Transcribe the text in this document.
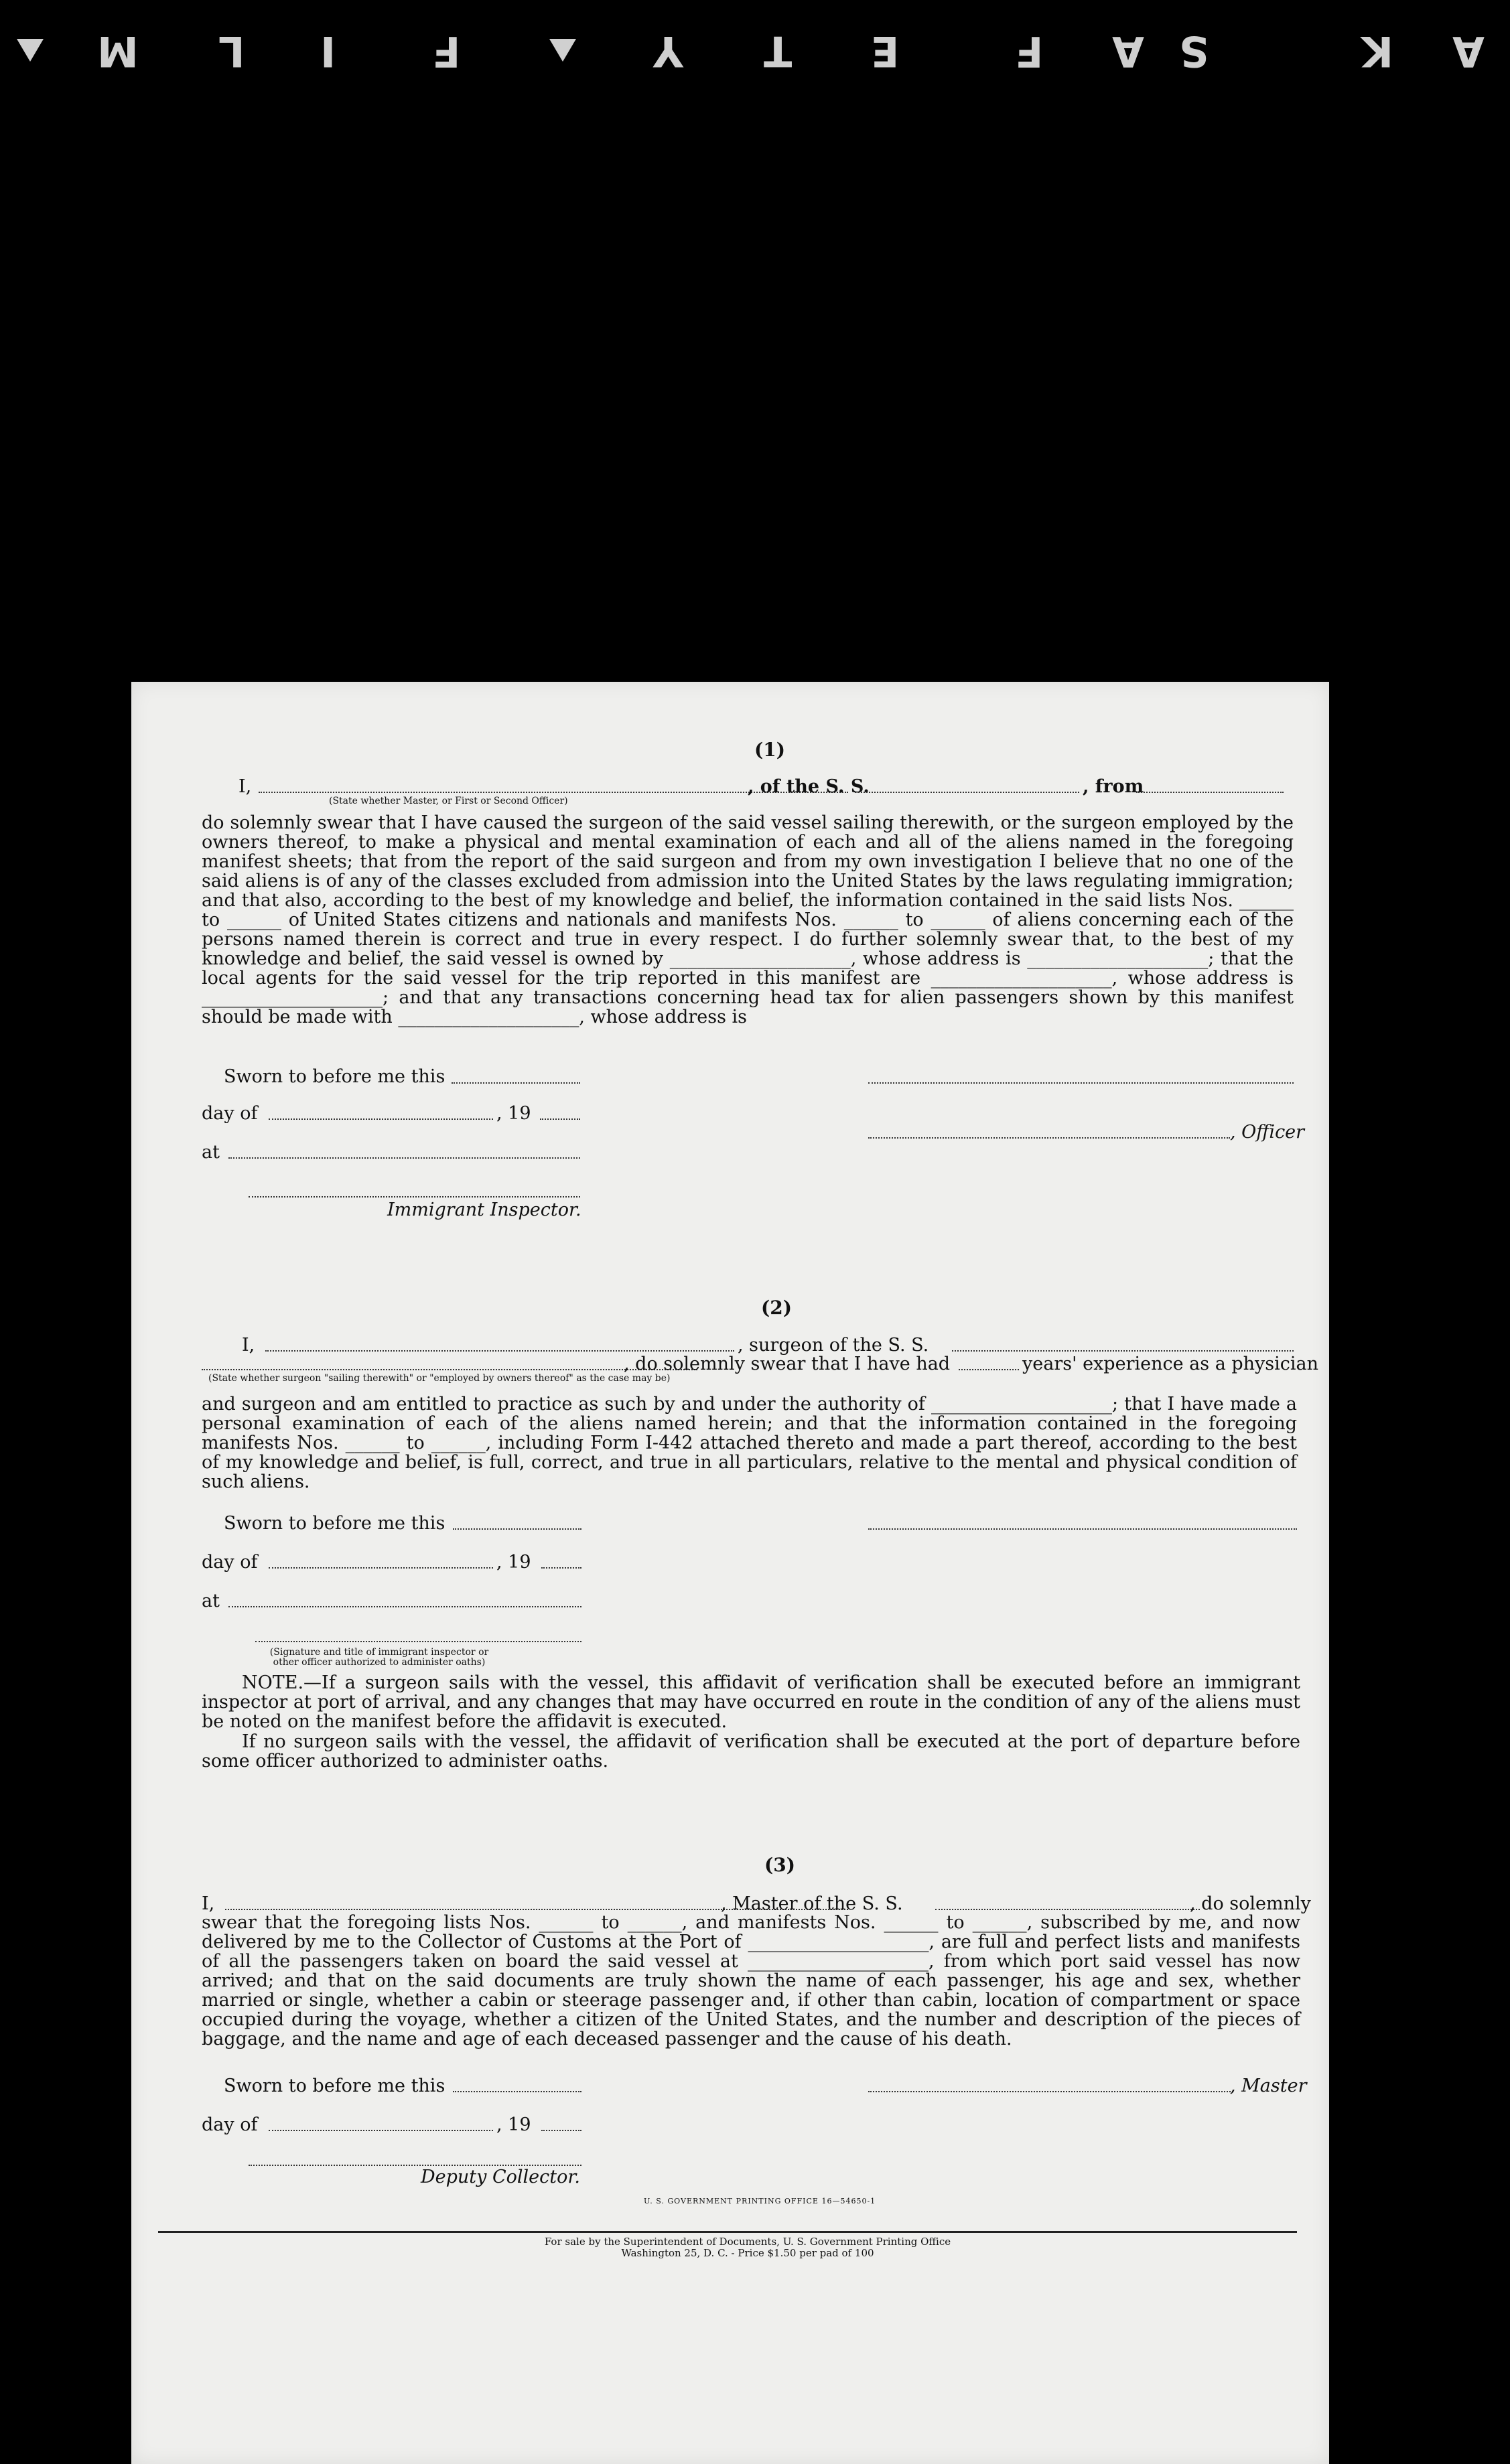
A
K
S
A
F
E
T
Y
F
I
L
M
(1)
I,	, of the S. S.	, from
(State whether Master, or First or Second Officer)
do solemnly swear that I have caused the surgeon of the said vessel sailing therewith, or the surgeon employed by the owners thereof, to make a physical and mental examination of each and all of the aliens named in the foregoing manifest sheets; that from the report of the said surgeon and from my own investigation I believe that no one of the said aliens is of any of the classes excluded from admission into the United States by the laws regulating immigration; and that also, according to the best of my knowledge and belief, the information contained in the said lists Nos. ______ to ______ of United States citizens and nationals and manifests Nos. ______ to ______ of aliens concerning each of the persons named therein is correct and true in every respect. I do further solemnly swear that, to the best of my knowledge and belief, the said vessel is owned by ____________________, whose address is ____________________; that the local agents for the said vessel for the trip reported in this manifest are ____________________, whose address is ____________________; and that any transactions concerning head tax for alien passengers shown by this manifest should be made with ____________________, whose address is
Sworn to before me this
day of	, 19
, Officer
at
Immigrant Inspector.
(2)
I,	, surgeon of the S. S.
, do solemnly swear that I have had	years' experience as a physician
(State whether surgeon "sailing therewith" or "employed by owners thereof" as the case may be)
and surgeon and am entitled to practice as such by and under the authority of ____________________; that I have made a personal examination of each of the aliens named herein; and that the information contained in the foregoing manifests Nos. ______ to ______, including Form I-442 attached thereto and made a part thereof, according to the best of my knowledge and belief, is full, correct, and true in all particulars, relative to the mental and physical condition of such aliens.
Sworn to before me this
day of	, 19
at
(Signature and title of immigrant inspector or other officer authorized to administer oaths)
NOTE.—If a surgeon sails with the vessel, this affidavit of verification shall be executed before an immigrant inspector at port of arrival, and any changes that may have occurred en route in the condition of any of the aliens must be noted on the manifest before the affidavit is executed.
If no surgeon sails with the vessel, the affidavit of verification shall be executed at the port of departure before some officer authorized to administer oaths.
(3)
I,	, Master of the S. S.	, do solemnly
swear that the foregoing lists Nos. ______ to ______, and manifests Nos. ______ to ______, subscribed by me, and now delivered by me to the Collector of Customs at the Port of ____________________, are full and perfect lists and manifests of all the passengers taken on board the said vessel at ____________________, from which port said vessel has now arrived; and that on the said documents are truly shown the name of each passenger, his age and sex, whether married or single, whether a cabin or steerage passenger and, if other than cabin, location of compartment or space occupied during the voyage, whether a citizen of the United States, and the number and description of the pieces of baggage, and the name and age of each deceased passenger and the cause of his death.
Sworn to before me this	, Master
day of	, 19
Deputy Collector.
U. S. GOVERNMENT PRINTING OFFICE 16—54650-1
For sale by the Superintendent of Documents, U. S. Government Printing Office
Washington 25, D. C. - Price $1.50 per pad of 100
